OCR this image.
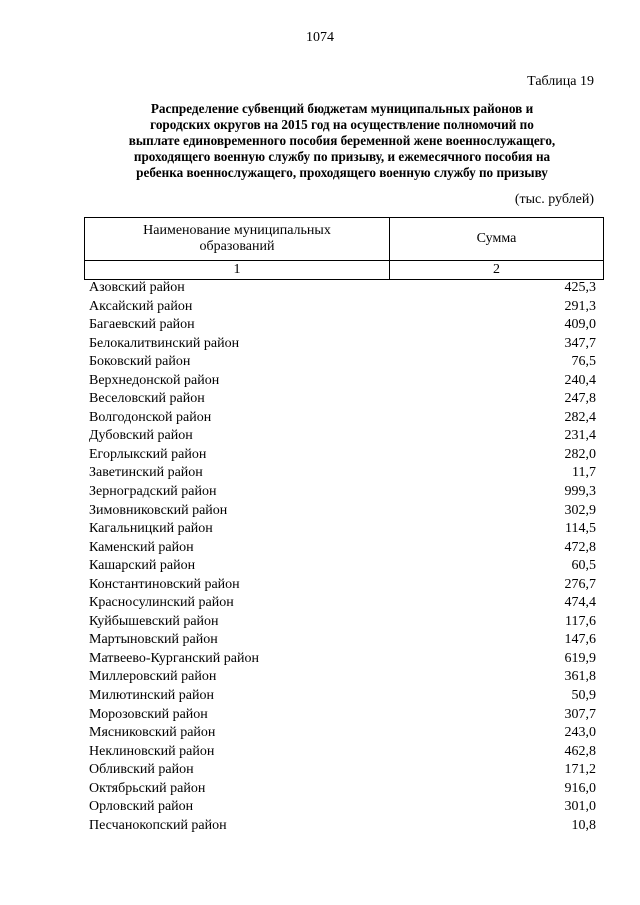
1074
Таблица 19
Распределение субвенций бюджетам муниципальных районов и
городских округов на 2015 год на осуществление полномочий по
выплате единовременного пособия беременной жене военнослужащего,
проходящего военную службу по призыву, и ежемесячного пособия на
ребенка военнослужащего, проходящего военную службу по призыву
(тыс. рублей)
Наименование муниципальных
образований	Сумма
1	2
Азовский район	425,3
Аксайский район	291,3
Багаевский район	409,0
Белокалитвинский район	347,7
Боковский район	76,5
Верхнедонской район	240,4
Веселовский район	247,8
Волгодонской район	282,4
Дубовский район	231,4
Егорлыкский район	282,0
Заветинский район	11,7
Зерноградский район	999,3
Зимовниковский район	302,9
Кагальницкий район	114,5
Каменский район	472,8
Кашарский район	60,5
Константиновский район	276,7
Красносулинский район	474,4
Куйбышевский район	117,6
Мартыновский район	147,6
Матвеево-Курганский район	619,9
Миллеровский район	361,8
Милютинский район	50,9
Морозовский район	307,7
Мясниковский район	243,0
Неклиновский район	462,8
Обливский район	171,2
Октябрьский район	916,0
Орловский район	301,0
Песчанокопский район	10,8
